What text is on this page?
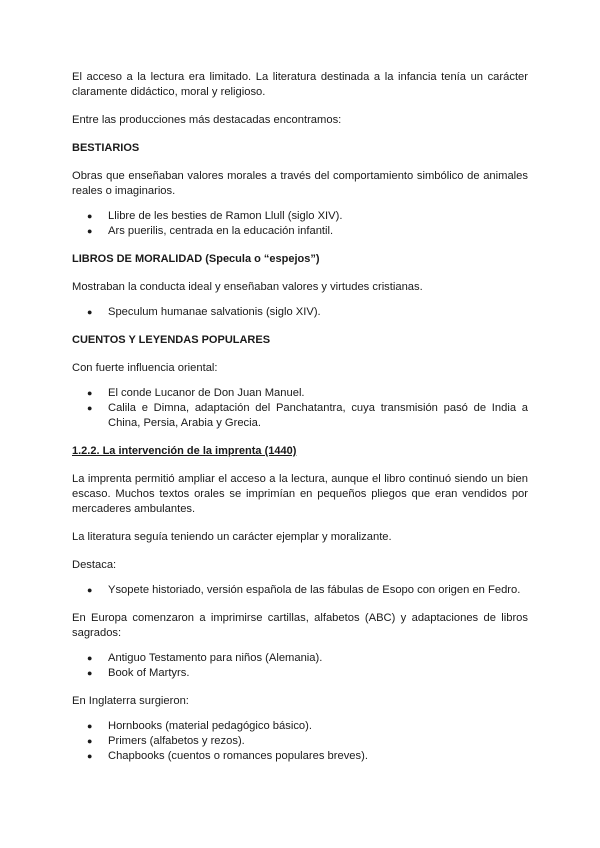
El acceso a la lectura era limitado. La literatura destinada a la infancia tenía un carácter claramente didáctico, moral y religioso.

Entre las producciones más destacadas encontramos:

BESTIARIOS

Obras que enseñaban valores morales a través del comportamiento simbólico de animales reales o imaginarios.

● Llibre de les besties de Ramon Llull (siglo XIV).
● Ars puerilis, centrada en la educación infantil.

LIBROS DE MORALIDAD (Specula o “espejos”)

Mostraban la conducta ideal y enseñaban valores y virtudes cristianas.

● Speculum humanae salvationis (siglo XIV).

CUENTOS Y LEYENDAS POPULARES

Con fuerte influencia oriental:

● El conde Lucanor de Don Juan Manuel.
● Calila e Dimna, adaptación del Panchatantra, cuya transmisión pasó de India a China, Persia, Arabia y Grecia.

1.2.2. La intervención de la imprenta (1440)

La imprenta permitió ampliar el acceso a la lectura, aunque el libro continuó siendo un bien escaso. Muchos textos orales se imprimían en pequeños pliegos que eran vendidos por mercaderes ambulantes.

La literatura seguía teniendo un carácter ejemplar y moralizante.

Destaca:

● Ysopete historiado, versión española de las fábulas de Esopo con origen en Fedro.

En Europa comenzaron a imprimirse cartillas, alfabetos (ABC) y adaptaciones de libros sagrados:

● Antiguo Testamento para niños (Alemania).
● Book of Martyrs.

En Inglaterra surgieron:

● Hornbooks (material pedagógico básico).
● Primers (alfabetos y rezos).
● Chapbooks (cuentos o romances populares breves).
